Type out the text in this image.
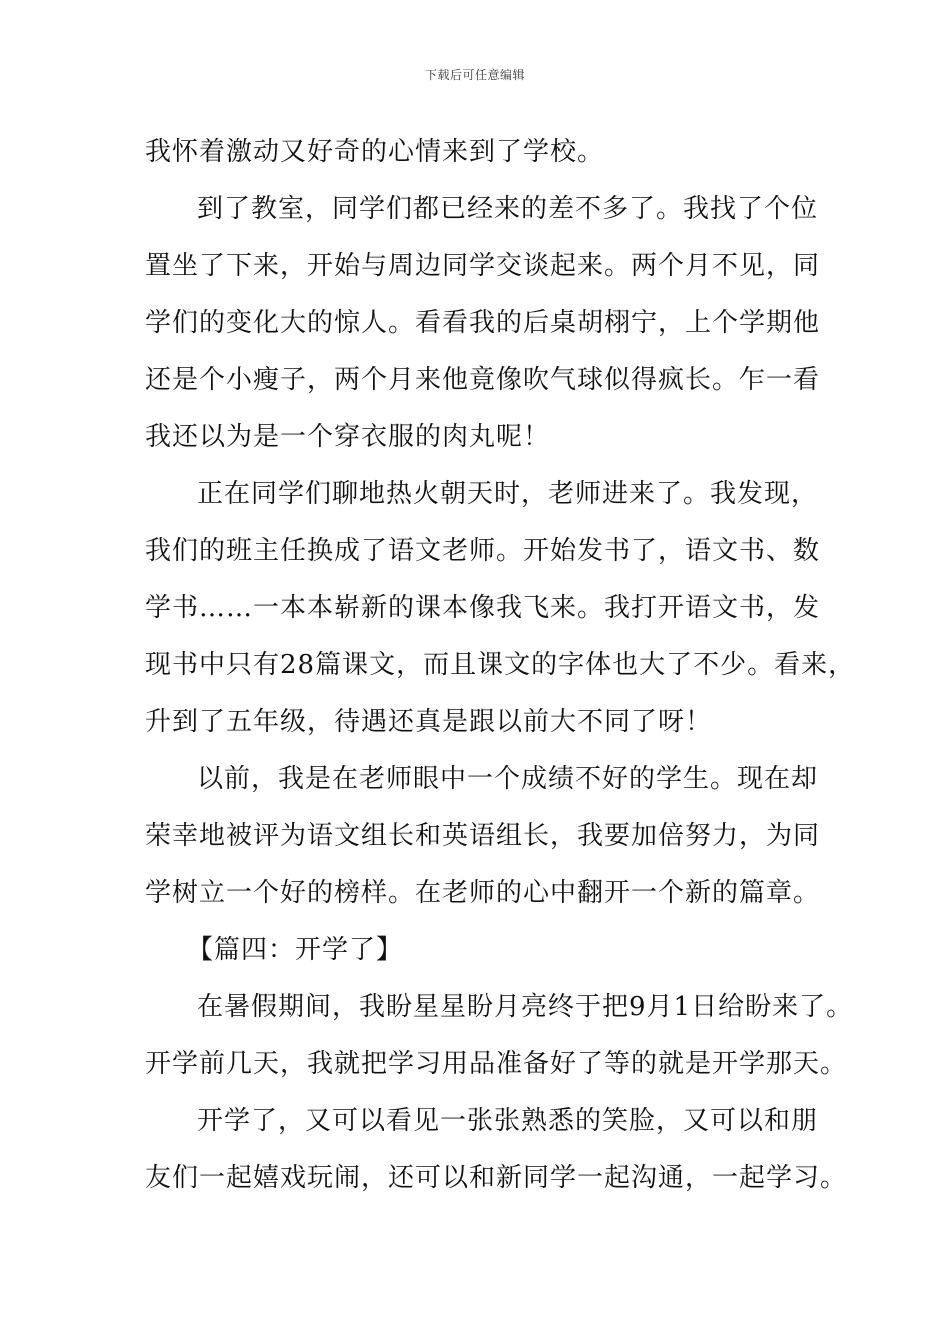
下载后可任意编辑
我怀着激动又好奇的心情来到了学校。
到了教室，同学们都已经来的差不多了。我找了个位
置坐了下来，开始与周边同学交谈起来。两个月不见，同
学们的变化大的惊人。看看我的后桌胡栩宁，上个学期他
还是个小瘦子，两个月来他竟像吹气球似得疯长。乍一看
我还以为是一个穿衣服的肉丸呢！
正在同学们聊地热火朝天时，老师进来了。我发现，
我们的班主任换成了语文老师。开始发书了，语文书、数
学书……一本本崭新的课本像我飞来。我打开语文书，发
现书中只有28篇课文，而且课文的字体也大了不少。看来，
升到了五年级，待遇还真是跟以前大不同了呀！
以前，我是在老师眼中一个成绩不好的学生。现在却
荣幸地被评为语文组长和英语组长，我要加倍努力，为同
学树立一个好的榜样。在老师的心中翻开一个新的篇章。
【篇四：开学了】
在暑假期间，我盼星星盼月亮终于把9月1日给盼来了。
开学前几天，我就把学习用品准备好了等的就是开学那天。
开学了，又可以看见一张张熟悉的笑脸，又可以和朋
友们一起嬉戏玩闹，还可以和新同学一起沟通，一起学习。
